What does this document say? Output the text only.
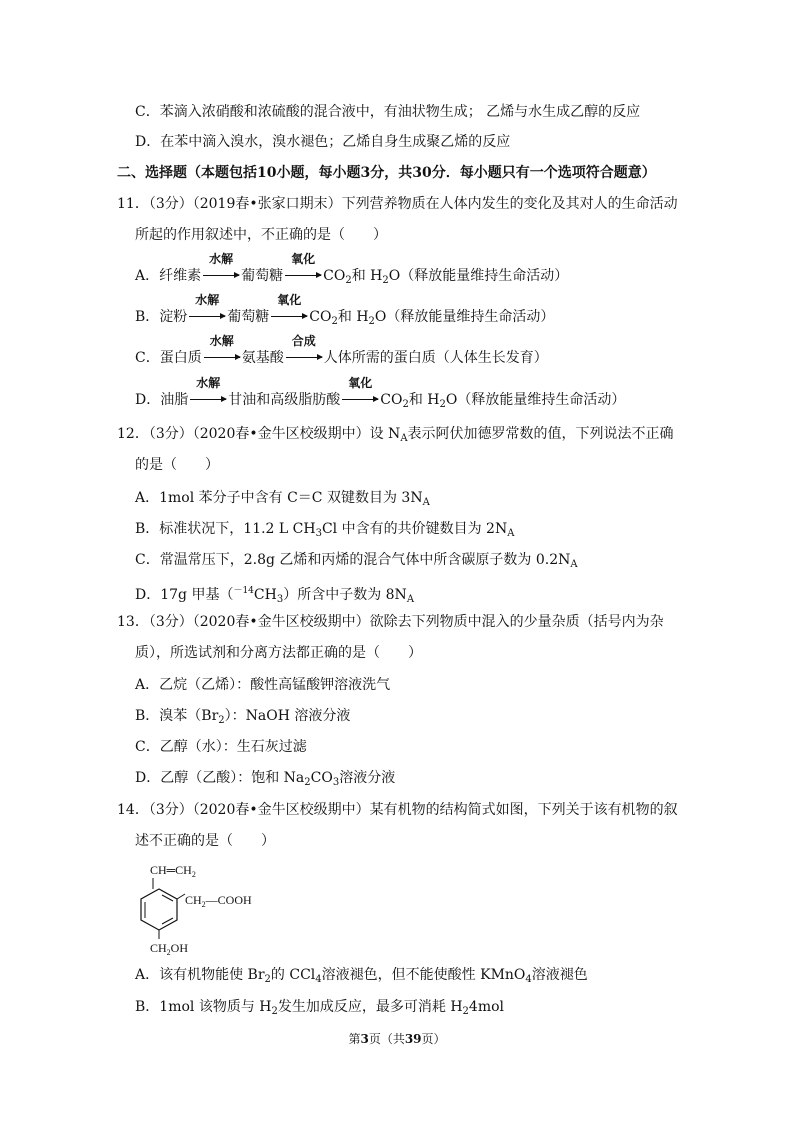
C．苯滴入浓硝酸和浓硫酸的混合液中，有油状物生成； 乙烯与水生成乙醇的反应
D．在苯中滴入溴水，溴水褪色；乙烯自身生成聚乙烯的反应
二、选择题（本题包括10小题，每小题3分，共30分．每小题只有一个选项符合题意）
11．（3分）（2019春•张家口期末）下列营养物质在人体内发生的变化及其对人的生命活动
所起的作用叙述中，不正确的是（　　）
A．纤维素
水解
葡萄糖
氧化
$CO_2$和 $H_2O$（释放能量维持生命活动）
B．淀粉
水解
葡萄糖
氧化
$CO_2$和 $H_2O$（释放能量维持生命活动）
C．蛋白质
水解
氨基酸
合成
人体所需的蛋白质（人体生长发育）
D．油脂
水解
甘油和高级脂肪酸
氧化
$CO_2$和 $H_2O$（释放能量维持生命活动）
12．（3分）（2020春•金牛区校级期中）设 $N_A$表示阿伏加德罗常数的值，下列说法不正确
的是（　　）
A．1mol 苯分子中含有 C＝C 双键数目为 $3N_A$
B．标准状况下，11.2 L $CH_3Cl$ 中含有的共价键数目为 $2N_A$
C．常温常压下，2.8g 乙烯和丙烯的混合气体中所含碳原子数为 $0.2N_A$
D．17g 甲基$(^{-14}CH_3)$所含中子数为 $8N_A$
13．（3分）（2020春•金牛区校级期中）欲除去下列物质中混入的少量杂质（括号内为杂
质），所选试剂和分离方法都正确的是（　　）
A．乙烷（乙烯）：酸性高锰酸钾溶液洗气
B．溴苯$(Br_2)$：NaOH 溶液分液
C．乙醇（水）：生石灰过滤
D．乙醇（乙酸）：饱和 $Na_2CO_3$溶液分液
14．（3分）（2020春•金牛区校级期中）某有机物的结构简式如图，下列关于该有机物的叙
述不正确的是（　　）
$CH═CH_2$
$CH_2—COOH$
$CH_2OH$
A．该有机物能使 $Br_2$的 CCl$_4$溶液褪色，但不能使酸性 KMnO$_4$溶液褪色
B．1mol 该物质与 $H_2$发生加成反应，最多可消耗 $H_24mol$
第3页（共39页）
